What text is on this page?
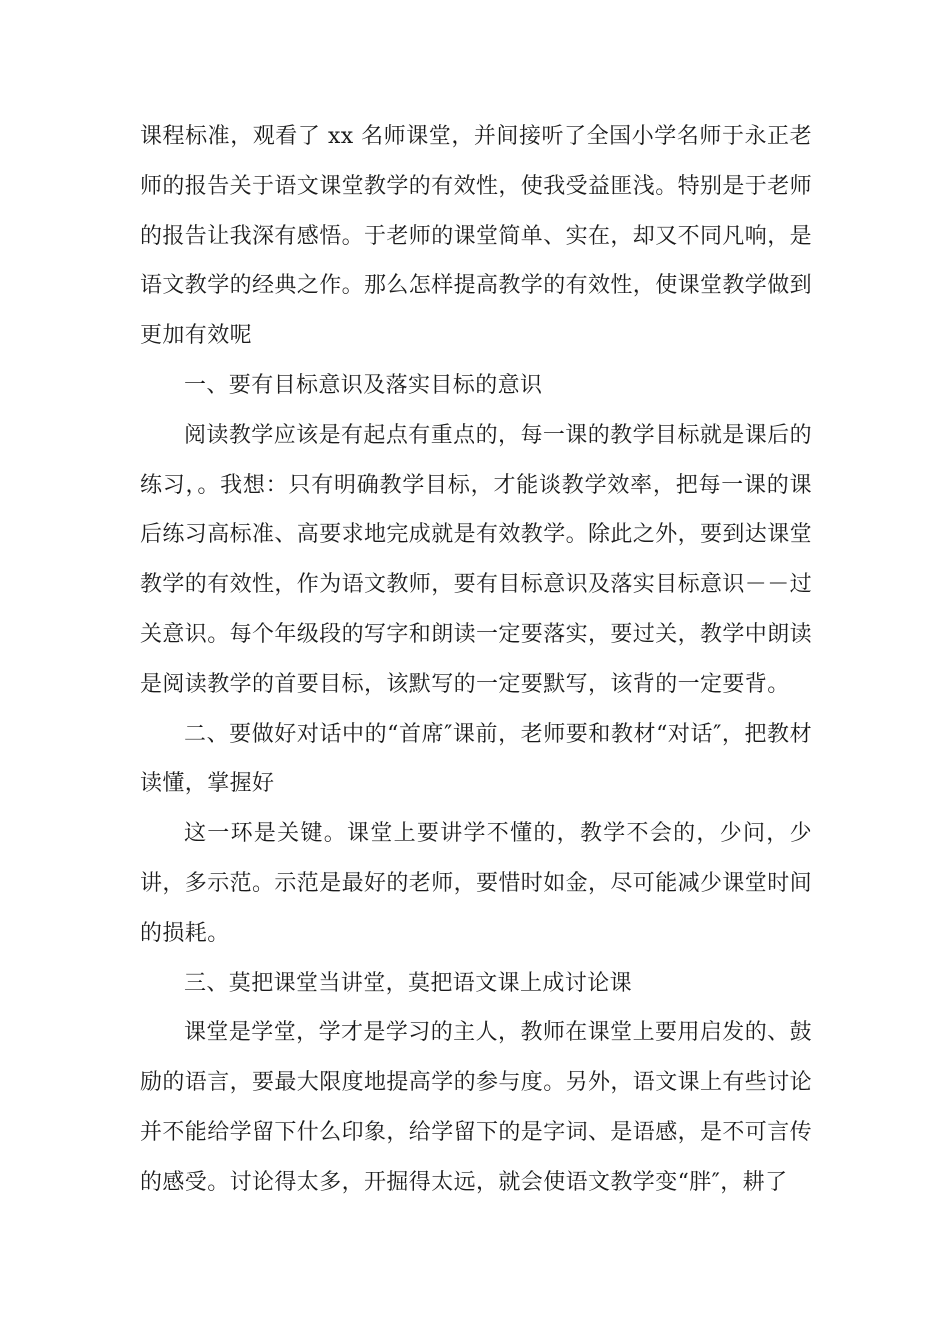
课程标准，观看了 xx 名师课堂，并间接听了全国小学名师于永正老师的报告关于语文课堂教学的有效性，使我受益匪浅。特别是于老师的报告让我深有感悟。于老师的课堂简单、实在，却又不同凡响，是语文教学的经典之作。那么怎样提高教学的有效性，使课堂教学做到更加有效呢

一、要有目标意识及落实目标的意识

阅读教学应该是有起点有重点的，每一课的教学目标就是课后的练习，。我想：只有明确教学目标，才能谈教学效率，把每一课的课后练习高标准、高要求地完成就是有效教学。除此之外，要到达课堂教学的有效性，作为语文教师，要有目标意识及落实目标意识－－过关意识。每个年级段的写字和朗读一定要落实，要过关，教学中朗读是阅读教学的首要目标，该默写的一定要默写，该背的一定要背。

二、要做好对话中的“首席″课前，老师要和教材“对话″，把教材读懂，掌握好

这一环是关键。课堂上要讲学不懂的，教学不会的，少问，少讲，多示范。示范是最好的老师，要惜时如金，尽可能减少课堂时间的损耗。

三、莫把课堂当讲堂，莫把语文课上成讨论课

课堂是学堂，学才是学习的主人，教师在课堂上要用启发的、鼓励的语言，要最大限度地提高学的参与度。另外，语文课上有些讨论并不能给学留下什么印象，给学留下的是字词、是语感，是不可言传的感受。讨论得太多，开掘得太远，就会使语文教学变“胖″，耕了
